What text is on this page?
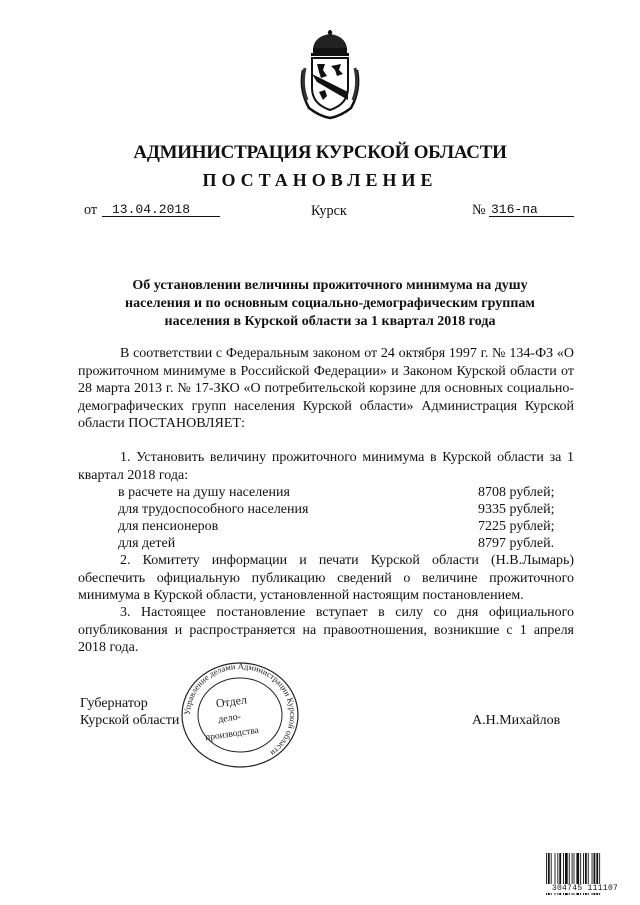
АДМИНИСТРАЦИЯ КУРСКОЙ ОБЛАСТИ
ПОСТАНОВЛЕНИЕ
от 13.04.2018	Курск	№ 316-па
Об установлении величины прожиточного минимума на душу
населения и по основным социально-демографическим группам
населения в Курской области за 1 квартал 2018 года
В соответствии с Федеральным законом от 24 октября 1997 г. № 134-ФЗ «О прожиточном минимуме в Российской Федерации» и Законом Курской области от 28 марта 2013 г. № 17-ЗКО «О потребительской корзине для основных социально-демографических групп населения Курской области» Администрация Курской области ПОСТАНОВЛЯЕТ:
1. Установить величину прожиточного минимума в Курской области за 1 квартал 2018 года:
в расчете на душу населения	8708 рублей;
для трудоспособного населения	9335 рублей;
для пенсионеров	7225 рублей;
для детей	8797 рублей.
2. Комитету информации и печати Курской области (Н.В.Лымарь) обеспечить официальную публикацию сведений о величине прожиточного минимума в Курской области, установленной настоящим постановлением.
3. Настоящее постановление вступает в силу со дня официального опубликования и распространяется на правоотношения, возникшие с 1 апреля 2018 года.
Губернатор
Курской области	А.Н.Михайлов
Управление делами Администрации Курской области
Отдел
дело-
производства
304745 111107
